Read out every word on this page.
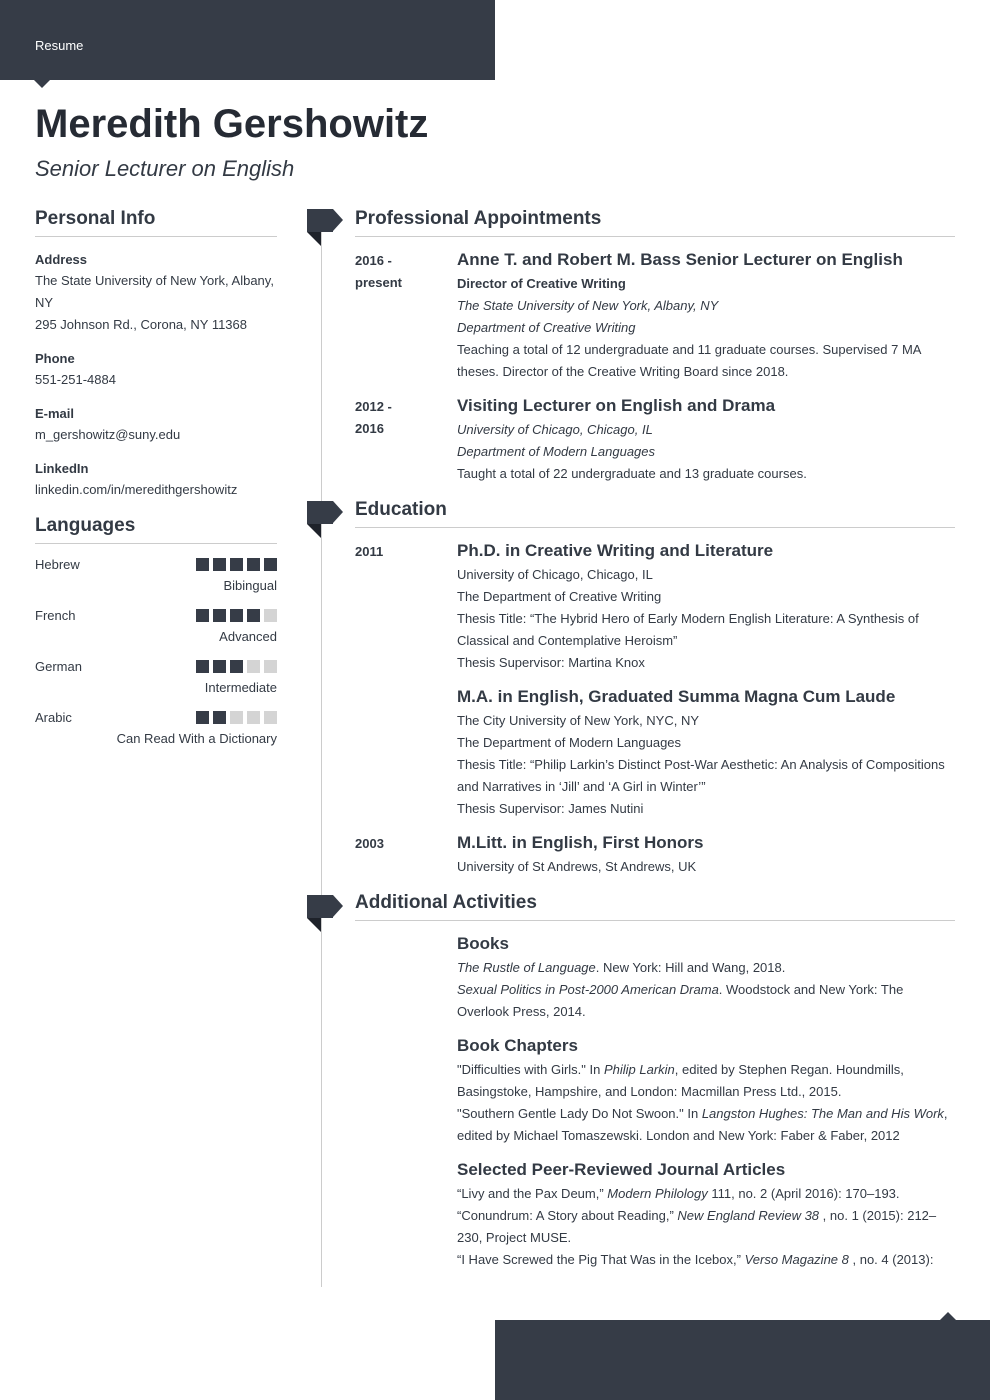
Resume
Meredith Gershowitz
Senior Lecturer on English
Personal Info
Address
The State University of New York, Albany, NY
295 Johnson Rd., Corona, NY 11368
Phone
551-251-4884
E-mail
m_gershowitz@suny.edu
LinkedIn
linkedin.com/in/meredithgershowitz
Languages
Hebrew
Bibingual
French
Advanced
German
Intermediate
Arabic
Can Read With a Dictionary
Professional Appointments
2016 -
present
Anne T. and Robert M. Bass Senior Lecturer on English
Director of Creative Writing
The State University of New York, Albany, NY
Department of Creative Writing
Teaching a total of 12 undergraduate and 11 graduate courses. Supervised 7 MA theses. Director of the Creative Writing Board since 2018.
2012 -
2016
Visiting Lecturer on English and Drama
University of Chicago, Chicago, IL
Department of Modern Languages
Taught a total of 22 undergraduate and 13 graduate courses.
Education
2011	Ph.D. in Creative Writing and Literature
University of Chicago, Chicago, IL
The Department of Creative Writing
Thesis Title: “The Hybrid Hero of Early Modern English Literature: A Synthesis of Classical and Contemplative Heroism”
Thesis Supervisor: Martina Knox
M.A. in English, Graduated Summa Magna Cum Laude
The City University of New York, NYC, NY
The Department of Modern Languages
Thesis Title: “Philip Larkin’s Distinct Post-War Aesthetic: An Analysis of Compositions and Narratives in ‘Jill’ and ‘A Girl in Winter’”
Thesis Supervisor: James Nutini
2003	M.Litt. in English, First Honors
University of St Andrews, St Andrews, UK
Additional Activities
Books
The Rustle of Language. New York: Hill and Wang, 2018.
Sexual Politics in Post-2000 American Drama. Woodstock and New York: The Overlook Press, 2014.
Book Chapters
"Difficulties with Girls." In Philip Larkin, edited by Stephen Regan. Houndmills, Basingstoke, Hampshire, and London: Macmillan Press Ltd., 2015.
"Southern Gentle Lady Do Not Swoon." In Langston Hughes: The Man and His Work, edited by Michael Tomaszewski. London and New York: Faber & Faber, 2012
Selected Peer-Reviewed Journal Articles
“Livy and the Pax Deum,” Modern Philology 111, no. 2 (April 2016): 170–193.
“Conundrum: A Story about Reading,” New England Review 38 , no. 1 (2015): 212–230, Project MUSE.
“I Have Screwed the Pig That Was in the Icebox,” Verso Magazine 8 , no. 4 (2013):
